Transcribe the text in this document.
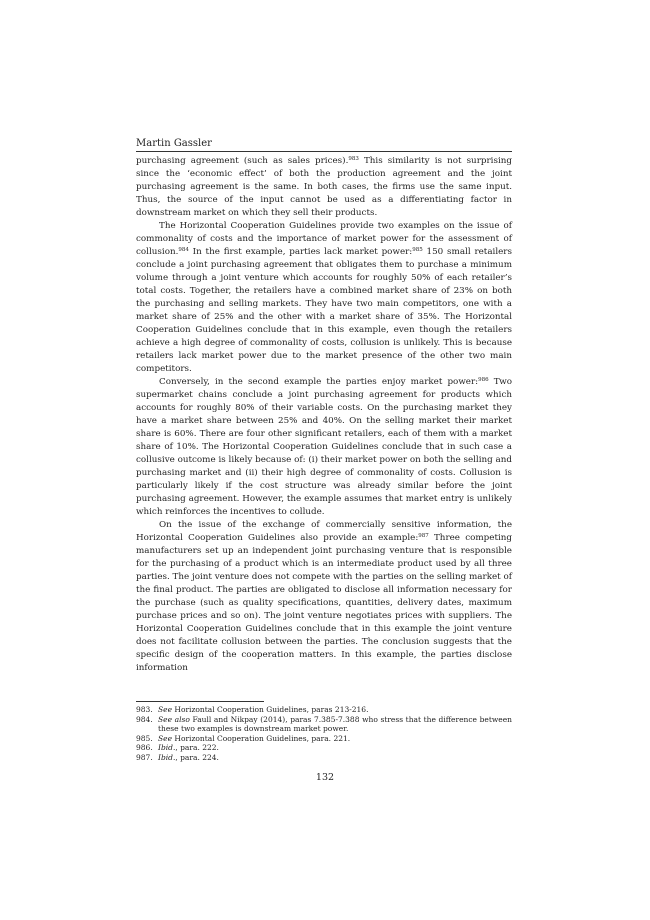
Martin Gassler

purchasing agreement (such as sales prices).$^{983}$ This similarity is not surprising since the ‘economic effect’ of both the production agreement and the joint purchasing agreement is the same. In both cases, the firms use the same input. Thus, the source of the input cannot be used as a differentiating factor in downstream market on which they sell their products.

The Horizontal Cooperation Guidelines provide two examples on the issue of commonality of costs and the importance of market power for the assessment of collusion.$^{984}$ In the first example, parties lack market power:$^{985}$ 150 small retailers conclude a joint purchasing agreement that obligates them to purchase a minimum volume through a joint venture which accounts for roughly 50% of each retailer’s total costs. Together, the retailers have a combined market share of 23% on both the purchasing and selling markets. They have two main competitors, one with a market share of 25% and the other with a market share of 35%. The Horizontal Cooperation Guidelines conclude that in this example, even though the retailers achieve a high degree of commonality of costs, collusion is unlikely. This is because retailers lack market power due to the market presence of the other two main competitors.

Conversely, in the second example the parties enjoy market power:$^{986}$ Two supermarket chains conclude a joint purchasing agreement for products which accounts for roughly 80% of their variable costs. On the purchasing market they have a market share between 25% and 40%. On the selling market their market share is 60%. There are four other significant retailers, each of them with a market share of 10%. The Horizontal Cooperation Guidelines conclude that in such case a collusive outcome is likely because of: (i) their market power on both the selling and purchasing market and (ii) their high degree of commonality of costs. Collusion is particularly likely if the cost structure was already similar before the joint purchasing agreement. However, the example assumes that market entry is unlikely which reinforces the incentives to collude.

On the issue of the exchange of commercially sensitive information, the Horizontal Cooperation Guidelines also provide an example:$^{987}$ Three competing manufacturers set up an independent joint purchasing venture that is responsible for the purchasing of a product which is an intermediate product used by all three parties. The joint venture does not compete with the parties on the selling market of the final product. The parties are obligated to disclose all information necessary for the purchase (such as quality specifications, quantities, delivery dates, maximum purchase prices and so on). The joint venture negotiates prices with suppliers. The Horizontal Cooperation Guidelines conclude that in this example the joint venture does not facilitate collusion between the parties. The conclusion suggests that the specific design of the cooperation matters. In this example, the parties disclose information

983. See Horizontal Cooperation Guidelines, paras 213-216.
984. See also Faull and Nikpay (2014), paras 7.385-7.388 who stress that the difference between these two examples is downstream market power.
985. See Horizontal Cooperation Guidelines, para. 221.
986. Ibid., para. 222.
987. Ibid., para. 224.
132
